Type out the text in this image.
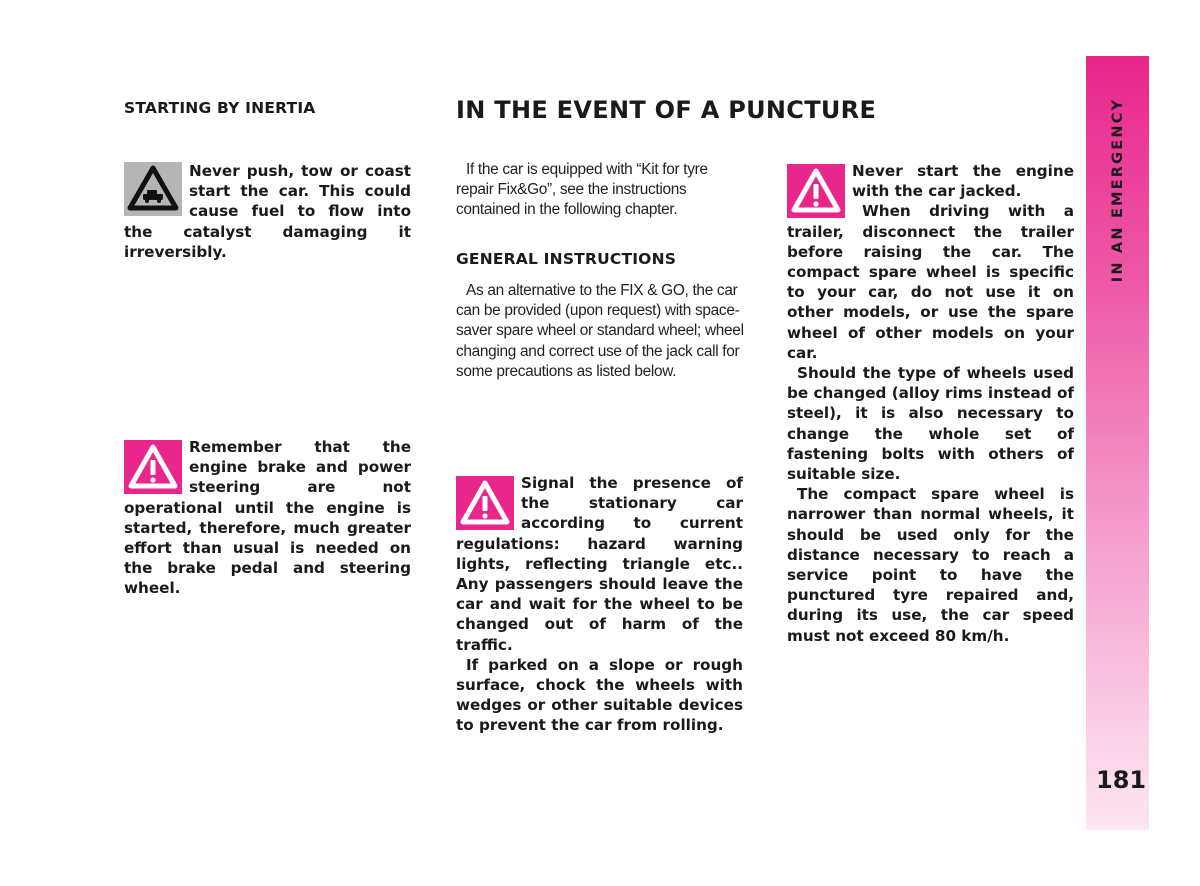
STARTING BY INERTIA

Never push, tow or coast start the car. This could cause fuel to flow into the catalyst damaging it irreversibly.

Remember that the engine brake and power steering are not operational until the engine is started, therefore, much greater effort than usual is needed on the brake pedal and steering wheel.

IN THE EVENT OF A PUNCTURE

If the car is equipped with “Kit for tyre repair Fix&Go”, see the instructions contained in the following chapter.

GENERAL INSTRUCTIONS

As an alternative to the FIX & GO, the car can be provided (upon request) with space-saver spare wheel or standard wheel; wheel changing and correct use of the jack call for some precautions as listed below.

Signal the presence of the stationary car according to current regulations: hazard warning lights, reflecting triangle etc.. Any passengers should leave the car and wait for the wheel to be changed out of harm of the traffic.

If parked on a slope or rough surface, chock the wheels with wedges or other suitable devices to prevent the car from rolling.

Never start the engine with the car jacked.

When driving with a trailer, disconnect the trailer before raising the car. The compact spare wheel is specific to your car, do not use it on other models, or use the spare wheel of other models on your car.

Should the type of wheels used be changed (alloy rims instead of steel), it is also necessary to change the whole set of fastening bolts with others of suitable size.

The compact spare wheel is narrower than normal wheels, it should be used only for the distance necessary to reach a service point to have the punctured tyre repaired and, during its use, the car speed must not exceed 80 km/h.

IN AN EMERGENCY

181
